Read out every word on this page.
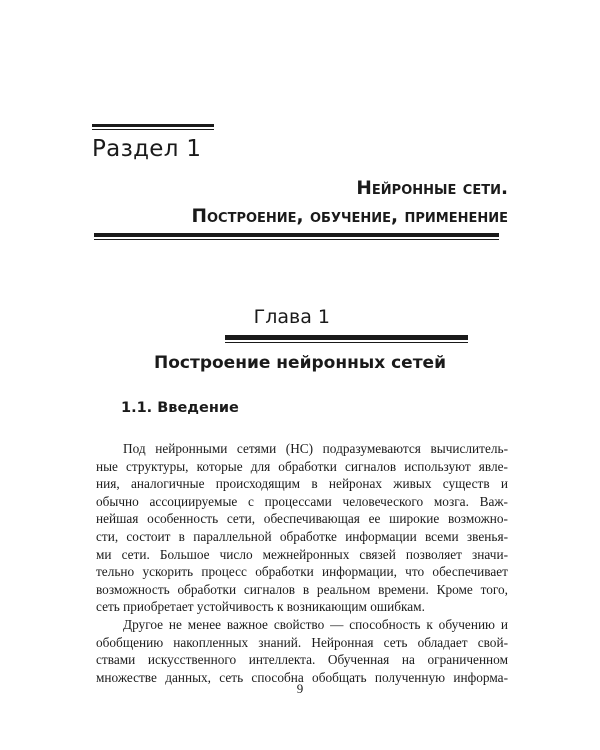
Раздел 1
Нейронные сети.
Построение, обучение, применение
Глава 1
Построение нейронных сетей
1.1. Введение
Под нейронными сетями (НС) подразумеваются вычислитель-
ные структуры, которые для обработки сигналов используют явле-
ния, аналогичные происходящим в нейронах живых существ и
обычно ассоциируемые с процессами человеческого мозга. Важ-
нейшая особенность сети, обеспечивающая ее широкие возможно-
сти, состоит в параллельной обработке информации всеми звенья-
ми сети. Большое число межнейронных связей позволяет значи-
тельно ускорить процесс обработки информации, что обеспечивает
возможность обработки сигналов в реальном времени. Кроме того,
сеть приобретает устойчивость к возникающим ошибкам.
Другое не менее важное свойство — способность к обучению и
обобщению накопленных знаний. Нейронная сеть обладает свой-
ствами искусственного интеллекта. Обученная на ограниченном
множестве данных, сеть способна обобщать полученную информа-
9
